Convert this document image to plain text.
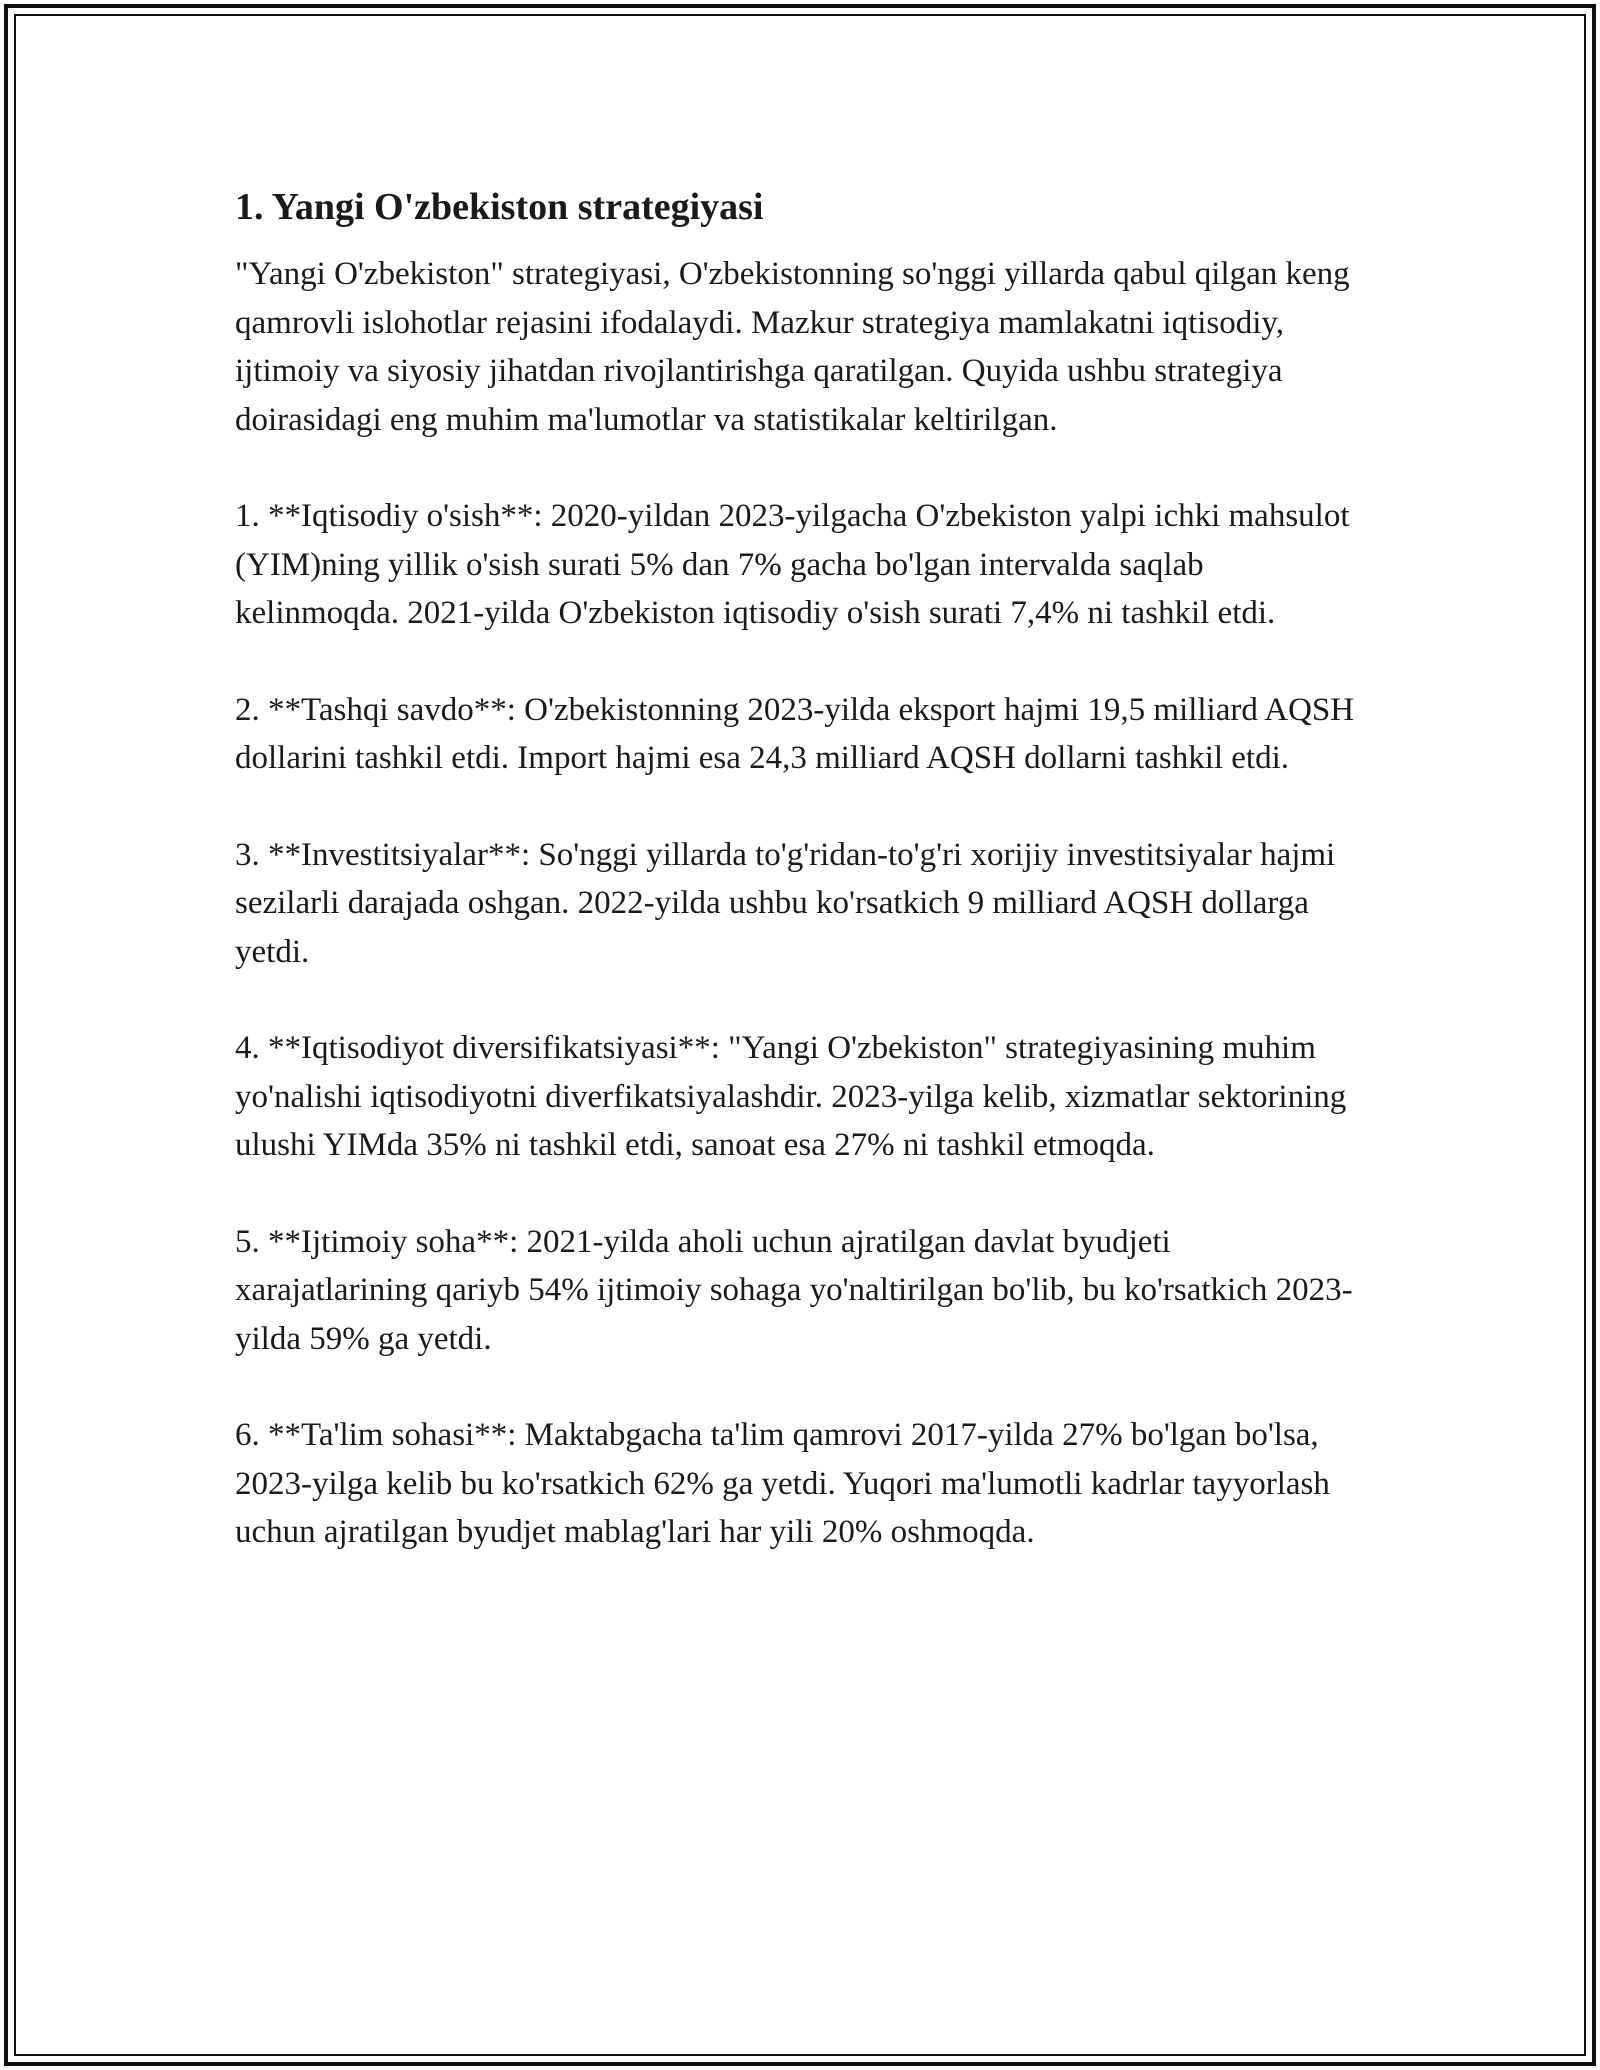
1. Yangi O'zbekiston strategiyasi
"Yangi O'zbekiston" strategiyasi, O'zbekistonning so'nggi yillarda qabul qilgan keng qamrovli islohotlar rejasini ifodalaydi. Mazkur strategiya mamlakatni iqtisodiy, ijtimoiy va siyosiy jihatdan rivojlantirishga qaratilgan. Quyida ushbu strategiya doirasidagi eng muhim ma'lumotlar va statistikalar keltirilgan.
1. **Iqtisodiy o'sish**: 2020-yildan 2023-yilgacha O'zbekiston yalpi ichki mahsulot (YIM)ning yillik o'sish surati 5% dan 7% gacha bo'lgan intervalda saqlab kelinmoqda. 2021-yilda O'zbekiston iqtisodiy o'sish surati 7,4% ni tashkil etdi.
2. **Tashqi savdo**: O'zbekistonning 2023-yilda eksport hajmi 19,5 milliard AQSH dollarini tashkil etdi. Import hajmi esa 24,3 milliard AQSH dollarni tashkil etdi.
3. **Investitsiyalar**: So'nggi yillarda to'g'ridan-to'g'ri xorijiy investitsiyalar hajmi sezilarli darajada oshgan. 2022-yilda ushbu ko'rsatkich 9 milliard AQSH dollarga yetdi.
4. **Iqtisodiyot diversifikatsiyasi**: "Yangi O'zbekiston" strategiyasining muhim yo'nalishi iqtisodiyotni diverfikatsiyalashdir. 2023-yilga kelib, xizmatlar sektorining ulushi YIMda 35% ni tashkil etdi, sanoat esa 27% ni tashkil etmoqda.
5. **Ijtimoiy soha**: 2021-yilda aholi uchun ajratilgan davlat byudjeti xarajatlarining qariyb 54% ijtimoiy sohaga yo'naltirilgan bo'lib, bu ko'rsatkich 2023-yilda 59% ga yetdi.
6. **Ta'lim sohasi**: Maktabgacha ta'lim qamrovi 2017-yilda 27% bo'lgan bo'lsa, 2023-yilga kelib bu ko'rsatkich 62% ga yetdi. Yuqori ma'lumotli kadrlar tayyorlash uchun ajratilgan byudjet mablag'lari har yili 20% oshmoqda.
